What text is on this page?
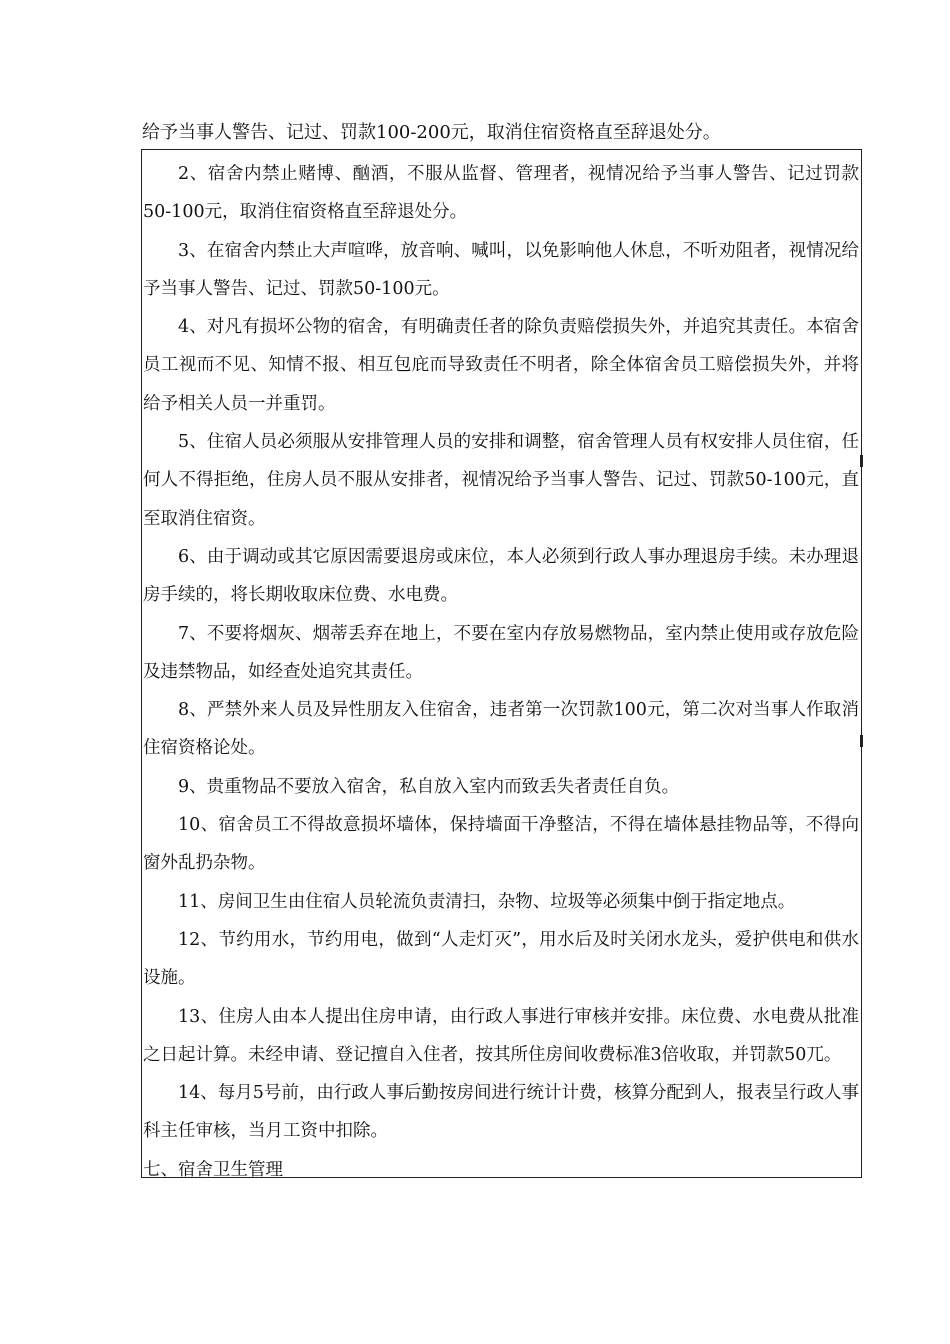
给予当事人警告、记过、罚款100-200元，取消住宿资格直至辞退处分。

2、宿舍内禁止赌博、酗酒，不服从监督、管理者，视情况给予当事人警告、记过罚款50-100元，取消住宿资格直至辞退处分。

3、在宿舍内禁止大声喧哗，放音响、喊叫，以免影响他人休息，不听劝阻者，视情况给予当事人警告、记过、罚款50-100元。

4、对凡有损坏公物的宿舍，有明确责任者的除负责赔偿损失外，并追究其责任。本宿舍员工视而不见、知情不报、相互包庇而导致责任不明者，除全体宿舍员工赔偿损失外，并将给予相关人员一并重罚。

5、住宿人员必须服从安排管理人员的安排和调整，宿舍管理人员有权安排人员住宿，任何人不得拒绝，住房人员不服从安排者，视情况给予当事人警告、记过、罚款50-100元，直至取消住宿资。

6、由于调动或其它原因需要退房或床位，本人必须到行政人事办理退房手续。未办理退房手续的，将长期收取床位费、水电费。

7、不要将烟灰、烟蒂丢弃在地上，不要在室内存放易燃物品，室内禁止使用或存放危险及违禁物品，如经查处追究其责任。

8、严禁外来人员及异性朋友入住宿舍，违者第一次罚款100元，第二次对当事人作取消住宿资格论处。

9、贵重物品不要放入宿舍，私自放入室内而致丢失者责任自负。

10、宿舍员工不得故意损坏墙体，保持墙面干净整洁，不得在墙体悬挂物品等，不得向窗外乱扔杂物。

11、房间卫生由住宿人员轮流负责清扫，杂物、垃圾等必须集中倒于指定地点。

12、节约用水，节约用电，做到“人走灯灭”，用水后及时关闭水龙头，爱护供电和供水设施。

13、住房人由本人提出住房申请，由行政人事进行审核并安排。床位费、水电费从批准之日起计算。未经申请、登记擅自入住者，按其所住房间收费标准3倍收取，并罚款50兀。

14、每月5号前，由行政人事后勤按房间进行统计计费，核算分配到人，报表呈行政人事科主任审核，当月工资中扣除。

七、宿舍卫生管理
